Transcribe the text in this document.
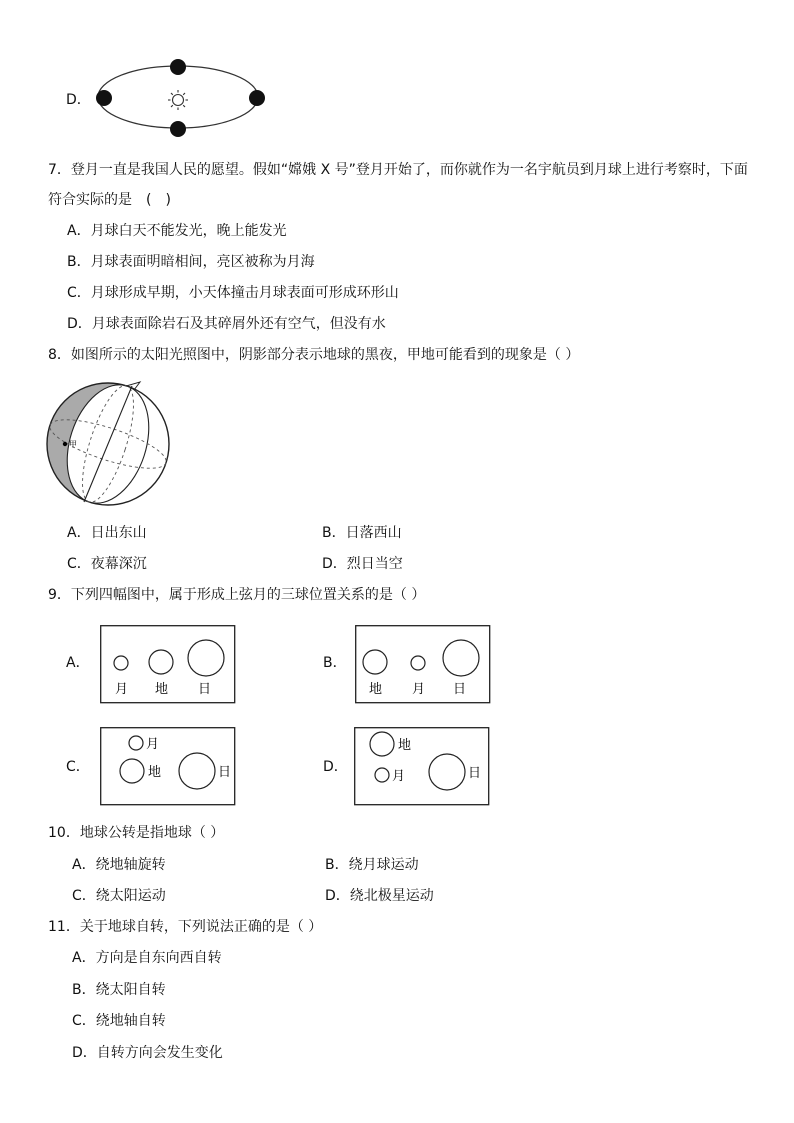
D．
7．登月一直是我国人民的愿望。假如“嫦娥 X 号”登月开始了，而你就作为一名宇航员到月球上进行考察时，下面
符合实际的是　(　)
A．月球白天不能发光，晚上能发光
B．月球表面明暗相间，亮区被称为月海
C．月球形成早期，小天体撞击月球表面可形成环形山
D．月球表面除岩石及其碎屑外还有空气，但没有水
8．如图所示的太阳光照图中，阴影部分表示地球的黑夜，甲地可能看到的现象是（ ）
甲
A．日出东山	B．日落西山
C．夜幕深沉	D．烈日当空
9．下列四幅图中，属于形成上弦月的三球位置关系的是（ ）
A．
月 地 日
B．
地 月 日
C．
月
地	日	D．
地
月	日
10．地球公转是指地球（ ）
A．绕地轴旋转	B．绕月球运动
C．绕太阳运动	D．绕北极星运动
11．关于地球自转，下列说法正确的是（ ）
A．方向是自东向西自转
B．绕太阳自转
C．绕地轴自转
D．自转方向会发生变化
